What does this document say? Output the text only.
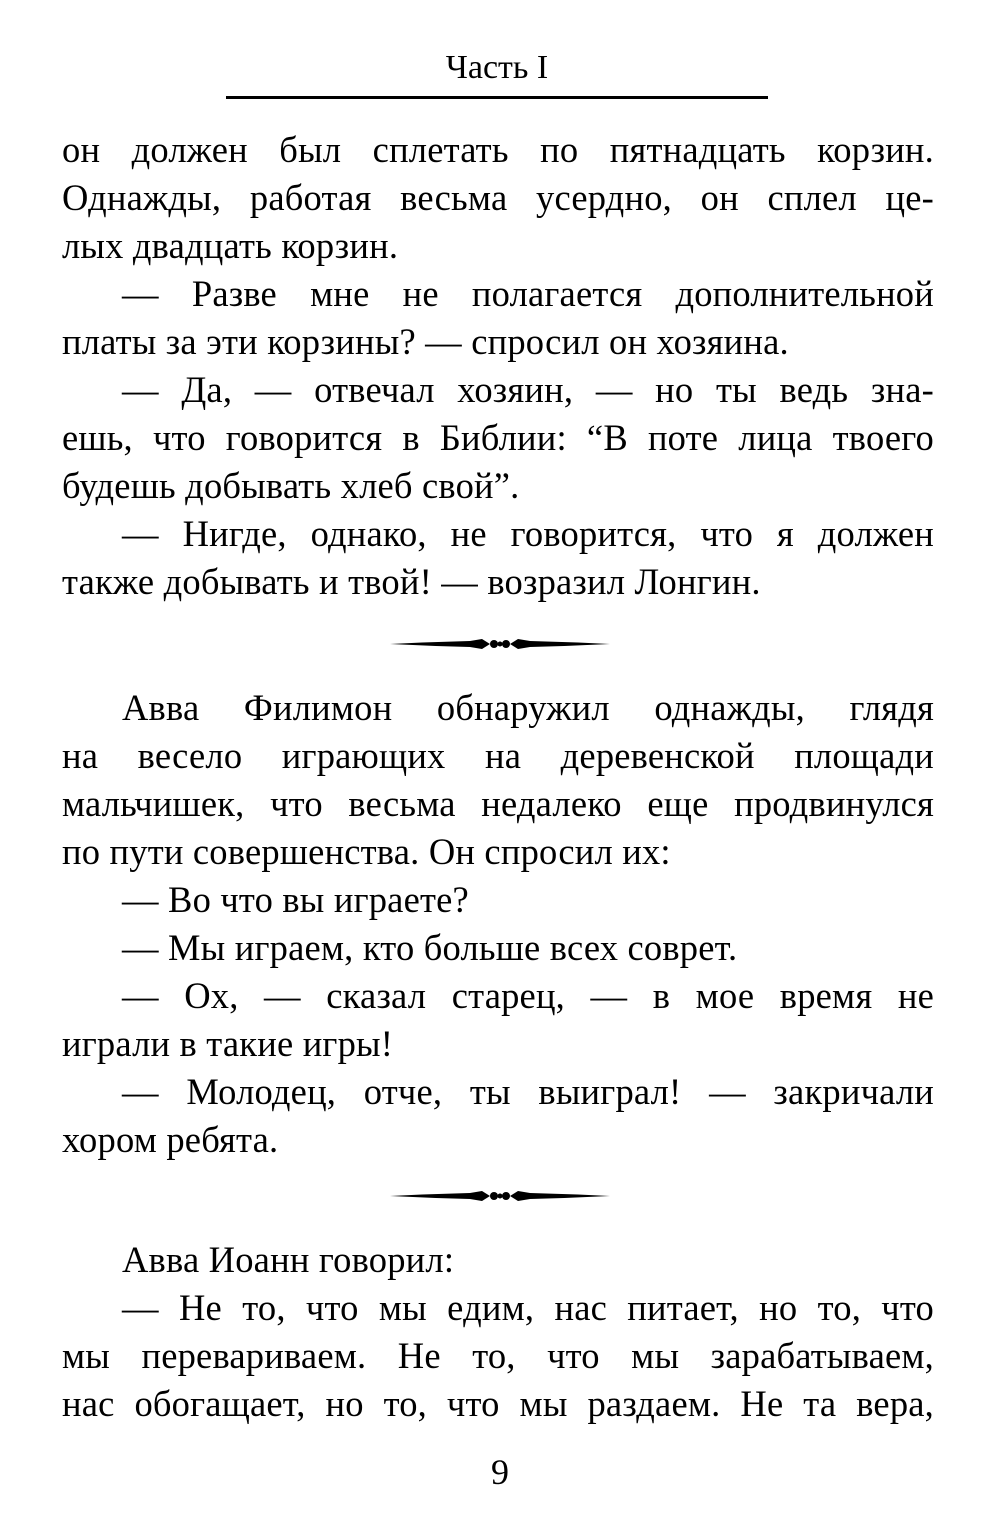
Часть I
он должен был сплетать по пятнадцать корзин.
Однажды, работая весьма усердно, он сплел це-
лых двадцать корзин.
— Разве мне не полагается дополнительной
платы за эти корзины? — спросил он хозяина.
— Да, — отвечал хозяин, — но ты ведь зна-
ешь, что говорится в Библии: “В поте лица твоего
будешь добывать хлеб свой”.
— Нигде, однако, не говорится, что я должен
также добывать и твой! — возразил Лонгин.
Авва Филимон обнаружил однажды, глядя
на весело играющих на деревенской площади
мальчишек, что весьма недалеко еще продвинулся
по пути совершенства. Он спросил их:
— Во что вы играете?
— Мы играем, кто больше всех соврет.
— Ох, — сказал старец, — в мое время не
играли в такие игры!
— Молодец, отче, ты выиграл! — закричали
хором ребята.
Авва Иоанн говорил:
— Не то, что мы едим, нас питает, но то, что
мы перевариваем. Не то, что мы зарабатываем,
нас обогащает, но то, что мы раздаем. Не та вера,
9
